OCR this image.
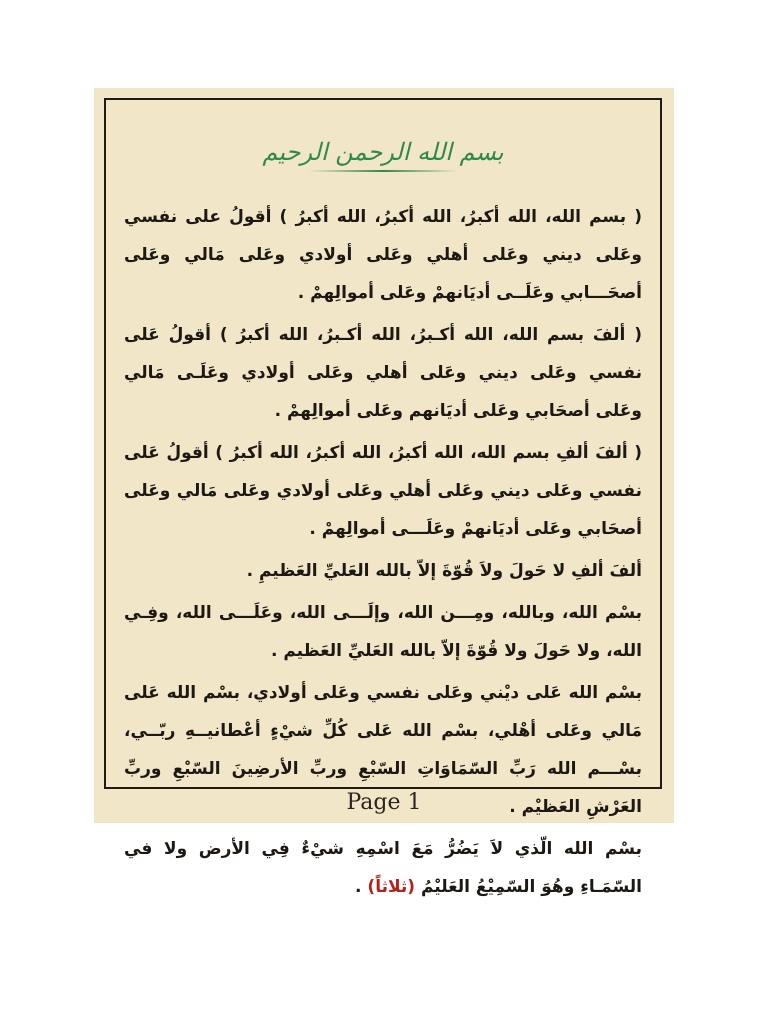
بسم الله الرحمن الرحيم

( بسم الله، الله أكبرُ، الله أكبرُ، الله أكبرُ ) أقولُ على نفسي وعَلى ديني وعَلى أهلي وعَلى أولادي وعَلى مَالي وعَلى أصحَـــابي وعَلَــى أديَانهمْ وعَلى أموالِهمْ .

( ألفَ بسم الله، الله أكـبرُ، الله أكـبرُ، الله أكبرُ ) أقولُ عَلى نفسي وعَلى ديني وعَلى أهلي وعَلى أولادي وعَلَـى مَالي وعَلى أصحَابي وعَلى أديَانهم وعَلى أموالِهمْ .

( ألفَ ألفِ بسم الله، الله أكبرُ، الله أكبرُ، الله أكبرُ ) أقولُ عَلى نفسي وعَلى ديني وعَلى أهلي وعَلى أولادي وعَلى مَالي وعَلى أصحَابي وعَلى أديَانهمْ وعَلَـــى أموالِهمْ .

ألفَ ألفِ لا حَولَ ولاَ قُوّةَ إلاّ بالله العَليِّ العَظيمِ .

بسْم الله، وبالله، ومِـــن الله، وإلَـــى الله، وعَلَـــى الله، وفِـي الله، ولا حَولَ ولا قُوّةَ إلاّ بالله العَليِّ العَظيم .

بسْم الله عَلى ديْني وعَلى نفسي وعَلى أولادي، بسْم الله عَلى مَالي وعَلى أهْلي، بسْم الله عَلى كُلِّ شيْءٍ أعْطانيــهِ ربّــي، بسْـــم الله رَبِّ السّمَاوَاتِ السّبْعِ وربِّ الأرضِينَ السّبْعِ وربِّ العَرْشِ العَظيْم .

بسْم الله الّذي لاَ يَضُرُّ مَعَ اسْمِهِ شيْءٌ فِي الأرض ولا في السّمَـاءِ وهُوَ السّمِيْعُ العَليْمُ (ثلاثاً) .

Page 1
